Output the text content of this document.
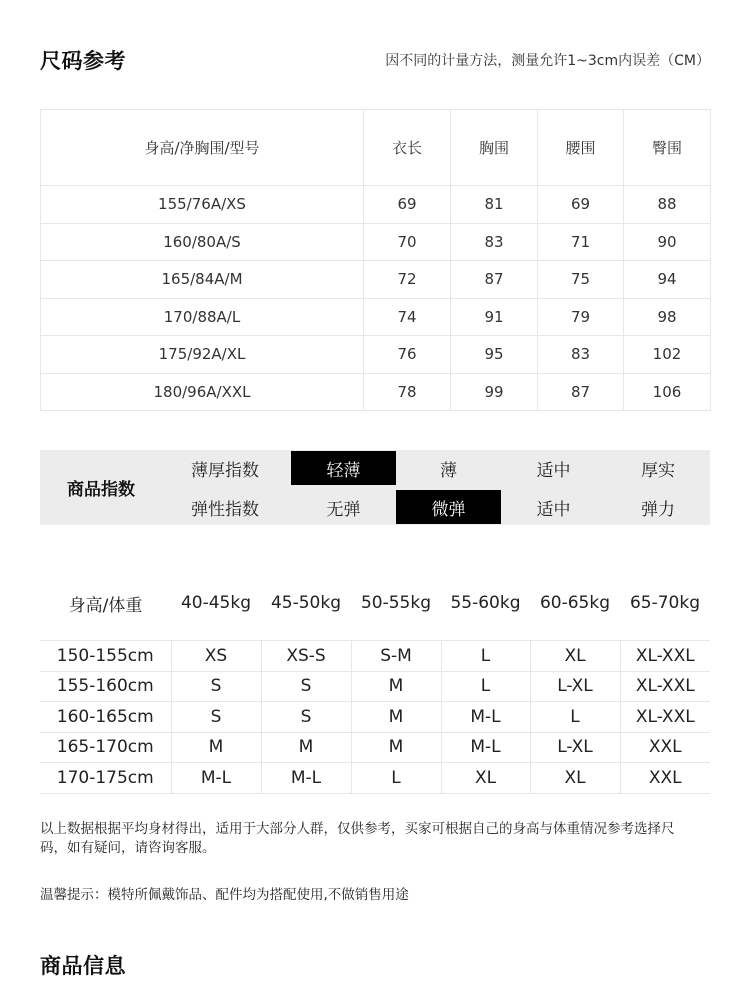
尺码参考	因不同的计量方法，测量允许1~3cm内误差（CM）
身高/净胸围/型号	衣长	胸围	腰围	臀围
155/76A/XS	69	81	69	88
160/80A/S	70	83	71	90
165/84A/M	72	87	75	94
170/88A/L	74	91	79	98
175/92A/XL	76	95	83	102
180/96A/XXL	78	99	87	106
商品指数
薄厚指数	轻薄	薄	适中	厚实
弹性指数	无弹	微弹	适中	弹力
身高/体重	40-45kg	45-50kg	50-55kg	55-60kg	60-65kg	65-70kg
150-155cm	XS	XS-S	S-M	L	XL	XL-XXL
155-160cm	S	S	M	L	L-XL	XL-XXL
160-165cm	S	S	M	M-L	L	XL-XXL
165-170cm	M	M	M	M-L	L-XL	XXL
170-175cm	M-L	M-L	L	XL	XL	XXL
以上数据根据平均身材得出，适用于大部分人群，仅供参考，买家可根据自己的身高与体重情况参考选择尺码，如有疑问，请咨询客服。
温馨提示：模特所佩戴饰品、配件均为搭配使用,不做销售用途
商品信息
